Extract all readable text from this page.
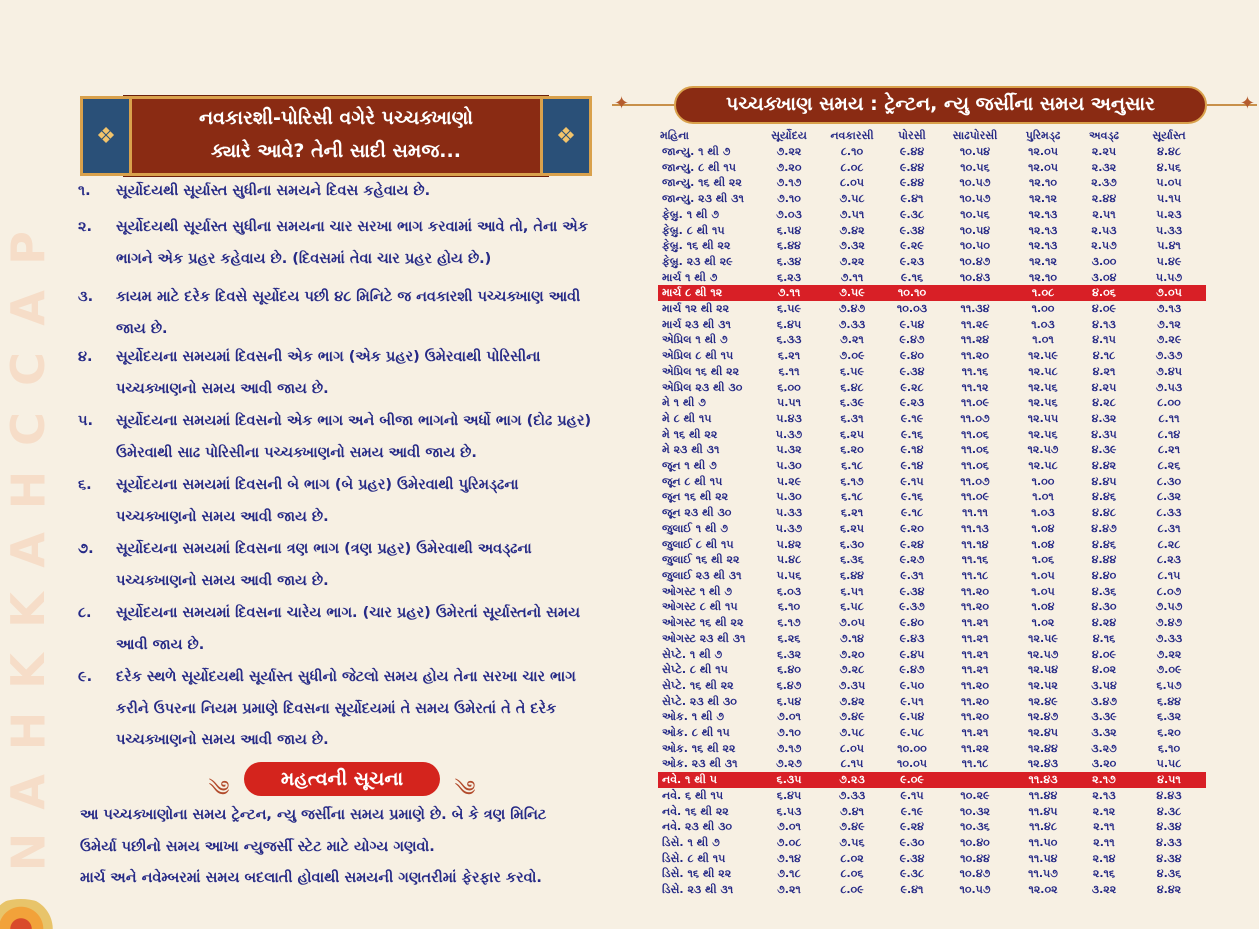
P
A
C
C
H
A
K
K
H
A
N
❖	❖
નવકારશી-પોરિસી વગેરે પચ્ચક્ખાણો
ક્યારે આવે? તેની સાદી સમજ...
૧.	સૂર્યોદયથી સૂર્યાસ્ત સુધીના સમયને દિવસ કહેવાય છે.
૨.	સૂર્યોદયથી સૂર્યાસ્ત સુધીના સમયના ચાર સરખા ભાગ કરવામાં આવે તો, તેના એક ભાગને એક પ્રહર કહેવાય છે. (દિવસમાં તેવા ચાર પ્રહર હોય છે.)
૩.	કાયમ માટે દરેક દિવસે સૂર્યોદય પછી ૪૮ મિનિટે જ નવકારશી પચ્ચક્ખાણ આવી જાય છે.
૪.	સૂર્યોદયના સમયમાં દિવસની એક ભાગ (એક પ્રહર) ઉમેરવાથી પોરિસીના પચ્ચક્ખાણનો સમય આવી જાય છે.
૫.	સૂર્યોદયના સમયમાં દિવસનો એક ભાગ અને બીજા ભાગનો અર્ધો ભાગ (દોઢ પ્રહર) ઉમેરવાથી સાઢ પોરિસીના પચ્ચક્ખાણનો સમય આવી જાય છે.
૬.	સૂર્યોદયના સમયમાં દિવસની બે ભાગ (બે પ્રહર) ઉમેરવાથી પુરિમડ્ઢના પચ્ચક્ખાણનો સમય આવી જાય છે.
૭.	સૂર્યોદયના સમયમાં દિવસના ત્રણ ભાગ (ત્રણ પ્રહર) ઉમેરવાથી અવડ્ઢના પચ્ચક્ખાણનો સમય આવી જાય છે.
૮.	સૂર્યોદયના સમયમાં દિવસના ચારેય ભાગ. (ચાર પ્રહર) ઉમેરતાં સૂર્યાસ્તનો સમય આવી જાય છે.
૯.	દરેક સ્થળે સૂર્યોદયથી સૂર્યાસ્ત સુધીનો જેટલો સમય હોય તેના સરખા ચાર ભાગ કરીને ઉપરના નિયમ પ્રમાણે દિવસના સૂર્યોદયમાં તે સમય ઉમેરતાં તે તે દરેક પચ્ચક્ખાણનો સમય આવી જાય છે.
༄	મહત્વની સૂચના	༄
આ પચ્ચક્ખાણોના સમય ટ્રેન્ટન, ન્યુ જર્સીના સમય પ્રમાણે છે. બે કે ત્રણ મિનિટ
ઉમેર્યા પછીનો સમય આખા ન્યુજર્સી સ્ટેટ માટે યોગ્ય ગણવો.
માર્ચ અને નવેમ્બરમાં સમય બદલાતી હોવાથી સમયની ગણતરીમાં ફેરફાર કરવો.
✦	પચ્ચક્ખાણ સમય : ટ્રેન્ટન, ન્યુ જર્સીના સમય અનુસાર	✦
મહિના	સૂર્યોદય	નવકારસી	પોરસી	સાઢપોરસી	પુરિમડ્ઢ	અવડ્ઢ	સૂર્યાસ્ત
જાન્યુ. ૧ થી ૭	૭.૨૨	૮.૧૦	૯.૪૪	૧૦.૫૪	૧૨.૦૫	૨.૨૫	૪.૪૮
જાન્યુ. ૮ થી ૧૫	૭.૨૦	૮.૦૮	૯.૪૪	૧૦.૫૬	૧૨.૦૫	૨.૩૨	૪.૫૬
જાન્યુ. ૧૬ થી ૨૨	૭.૧૭	૮.૦૫	૯.૪૪	૧૦.૫૭	૧૨.૧૦	૨.૩૭	૫.૦૫
જાન્યુ. ૨૩ થી ૩૧	૭.૧૦	૭.૫૮	૯.૪૧	૧૦.૫૭	૧૨.૧૨	૨.૪૪	૫.૧૫
ફેબ્રુ. ૧ થી ૭	૭.૦૩	૭.૫૧	૯.૩૮	૧૦.૫૬	૧૨.૧૩	૨.૫૧	૫.૨૩
ફેબ્રુ. ૮ થી ૧૫	૬.૫૪	૭.૪૨	૯.૩૪	૧૦.૫૪	૧૨.૧૩	૨.૫૩	૫.૩૩
ફેબ્રુ. ૧૬ થી ૨૨	૬.૪૪	૭.૩૨	૯.૨૯	૧૦.૫૦	૧૨.૧૩	૨.૫૭	૫.૪૧
ફેબ્રુ. ૨૩ થી ૨૯	૬.૩૪	૭.૨૨	૯.૨૩	૧૦.૪૭	૧૨.૧૨	૩.૦૦	૫.૪૯
માર્ચ ૧ થી ૭	૬.૨૩	૭.૧૧	૯.૧૬	૧૦.૪૩	૧૨.૧૦	૩.૦૪	૫.૫૭
માર્ચ ૮ થી ૧૨	૭.૧૧	૭.૫૯	૧૦.૧૦		૧.૦૮	૪.૦૬	૭.૦૫
માર્ચ ૧૨ થી ૨૨	૬.૫૯	૭.૪૭	૧૦.૦૩	૧૧.૩૪	૧.૦૦	૪.૦૯	૭.૧૩
માર્ચ ૨૩ થી ૩૧	૬.૪૫	૭.૩૩	૯.૫૪	૧૧.૨૯	૧.૦૩	૪.૧૩	૭.૧૨
એપ્રિલ ૧ થી ૭	૬.૩૩	૭.૨૧	૯.૪૭	૧૧.૨૪	૧.૦૧	૪.૧૫	૭.૨૯
એપ્રિલ ૮ થી ૧૫	૬.૨૧	૭.૦૯	૯.૪૦	૧૧.૨૦	૧૨.૫૯	૪.૧૮	૭.૩૭
એપ્રિલ ૧૬ થી ૨૨	૬.૧૧	૬.૫૯	૯.૩૪	૧૧.૧૬	૧૨.૫૮	૪.૨૧	૭.૪૫
એપ્રિલ ૨૩ થી ૩૦	૬.૦૦	૬.૪૮	૯.૨૮	૧૧.૧૨	૧૨.૫૬	૪.૨૫	૭.૫૩
મે ૧ થી ૭	૫.૫૧	૬.૩૯	૯.૨૩	૧૧.૦૯	૧૨.૫૬	૪.૨૮	૮.૦૦
મે ૮ થી ૧૫	૫.૪૩	૬.૩૧	૯.૧૯	૧૧.૦૭	૧૨.૫૫	૪.૩૨	૮.૧૧
મે ૧૬ થી ૨૨	૫.૩૭	૬.૨૫	૯.૧૬	૧૧.૦૬	૧૨.૫૬	૪.૩૫	૮.૧૪
મે ૨૩ થી ૩૧	૫.૩૨	૬.૨૦	૯.૧૪	૧૧.૦૬	૧૨.૫૭	૪.૩૯	૮.૨૧
જૂન ૧ થી ૭	૫.૩૦	૬.૧૮	૯.૧૪	૧૧.૦૬	૧૨.૫૮	૪.૪૨	૮.૨૬
જૂન ૮ થી ૧૫	૫.૨૯	૬.૧૭	૯.૧૫	૧૧.૦૭	૧.૦૦	૪.૪૫	૮.૩૦
જૂન ૧૬ થી ૨૨	૫.૩૦	૬.૧૮	૯.૧૬	૧૧.૦૯	૧.૦૧	૪.૪૬	૮.૩૨
જૂન ૨૩ થી ૩૦	૫.૩૩	૬.૨૧	૯.૧૮	૧૧.૧૧	૧.૦૩	૪.૪૮	૮.૩૩
જુલાઈ ૧ થી ૭	૫.૩૭	૬.૨૫	૯.૨૦	૧૧.૧૩	૧.૦૪	૪.૪૭	૮.૩૧
જુલાઈ ૮ થી ૧૫	૫.૪૨	૬.૩૦	૯.૨૪	૧૧.૧૪	૧.૦૪	૪.૪૬	૮.૨૮
જુલાઈ ૧૬ થી ૨૨	૫.૪૮	૬.૩૬	૯.૨૭	૧૧.૧૬	૧.૦૬	૪.૪૪	૮.૨૩
જુલાઈ ૨૩ થી ૩૧	૫.૫૬	૬.૪૪	૯.૩૧	૧૧.૧૮	૧.૦૫	૪.૪૦	૮.૧૫
ઓગસ્ટ ૧ થી ૭	૬.૦૩	૬.૫૧	૯.૩૪	૧૧.૨૦	૧.૦૫	૪.૩૬	૮.૦૭
ઓગસ્ટ ૮ થી ૧૫	૬.૧૦	૬.૫૮	૯.૩૭	૧૧.૨૦	૧.૦૪	૪.૩૦	૭.૫૭
ઓગસ્ટ ૧૬ થી ૨૨	૬.૧૭	૭.૦૫	૯.૪૦	૧૧.૨૧	૧.૦૨	૪.૨૪	૭.૪૭
ઓગસ્ટ ૨૩ થી ૩૧	૬.૨૬	૭.૧૪	૯.૪૩	૧૧.૨૧	૧૨.૫૯	૪.૧૬	૭.૩૩
સેપ્ટે. ૧ થી ૭	૬.૩૨	૭.૨૦	૯.૪૫	૧૧.૨૧	૧૨.૫૭	૪.૦૯	૭.૨૨
સેપ્ટે. ૮ થી ૧૫	૬.૪૦	૭.૨૮	૯.૪૭	૧૧.૨૧	૧૨.૫૪	૪.૦૨	૭.૦૯
સેપ્ટે. ૧૬ થી ૨૨	૬.૪૭	૭.૩૫	૯.૫૦	૧૧.૨૦	૧૨.૫૨	૩.૫૪	૬.૫૭
સેપ્ટે. ૨૩ થી ૩૦	૬.૫૪	૭.૪૨	૯.૫૧	૧૧.૨૦	૧૨.૪૯	૩.૪૭	૬.૪૪
ઓક. ૧ થી ૭	૭.૦૧	૭.૪૯	૯.૫૪	૧૧.૨૦	૧૨.૪૭	૩.૩૯	૬.૩૨
ઓક. ૮ થી ૧૫	૭.૧૦	૭.૫૮	૯.૫૮	૧૧.૨૧	૧૨.૪૫	૩.૩૨	૬.૨૦
ઓક. ૧૬ થી ૨૨	૭.૧૭	૮.૦૫	૧૦.૦૦	૧૧.૨૨	૧૨.૪૪	૩.૨૭	૬.૧૦
ઓક. ૨૩ થી ૩૧	૭.૨૭	૮.૧૫	૧૦.૦૫	૧૧.૧૮	૧૨.૪૩	૩.૨૦	૫.૫૮
નવે. ૧ થી ૫	૬.૩૫	૭.૨૩	૯.૦૯		૧૧.૪૩	૨.૧૭	૪.૫૧
નવે. ૬ થી ૧૫	૬.૪૫	૭.૩૩	૯.૧૫	૧૦.૨૯	૧૧.૪૪	૨.૧૩	૪.૪૩
નવે. ૧૬ થી ૨૨	૬.૫૩	૭.૪૧	૯.૧૯	૧૦.૩૨	૧૧.૪૫	૨.૧૨	૪.૩૮
નવે. ૨૩ થી ૩૦	૭.૦૧	૭.૪૯	૯.૨૪	૧૦.૩૬	૧૧.૪૮	૨.૧૧	૪.૩૪
ડિસે. ૧ થી ૭	૭.૦૮	૭.૫૬	૯.૩૦	૧૦.૪૦	૧૧.૫૦	૨.૧૧	૪.૩૩
ડિસે. ૮ થી ૧૫	૭.૧૪	૮.૦૨	૯.૩૪	૧૦.૪૪	૧૧.૫૪	૨.૧૪	૪.૩૪
ડિસે. ૧૬ થી ૨૨	૭.૧૮	૮.૦૬	૯.૩૮	૧૦.૪૭	૧૧.૫૭	૨.૧૬	૪.૩૬
ડિસે. ૨૩ થી ૩૧	૭.૨૧	૮.૦૯	૯.૪૧	૧૦.૫૭	૧૨.૦૨	૩.૨૨	૪.૪૨
